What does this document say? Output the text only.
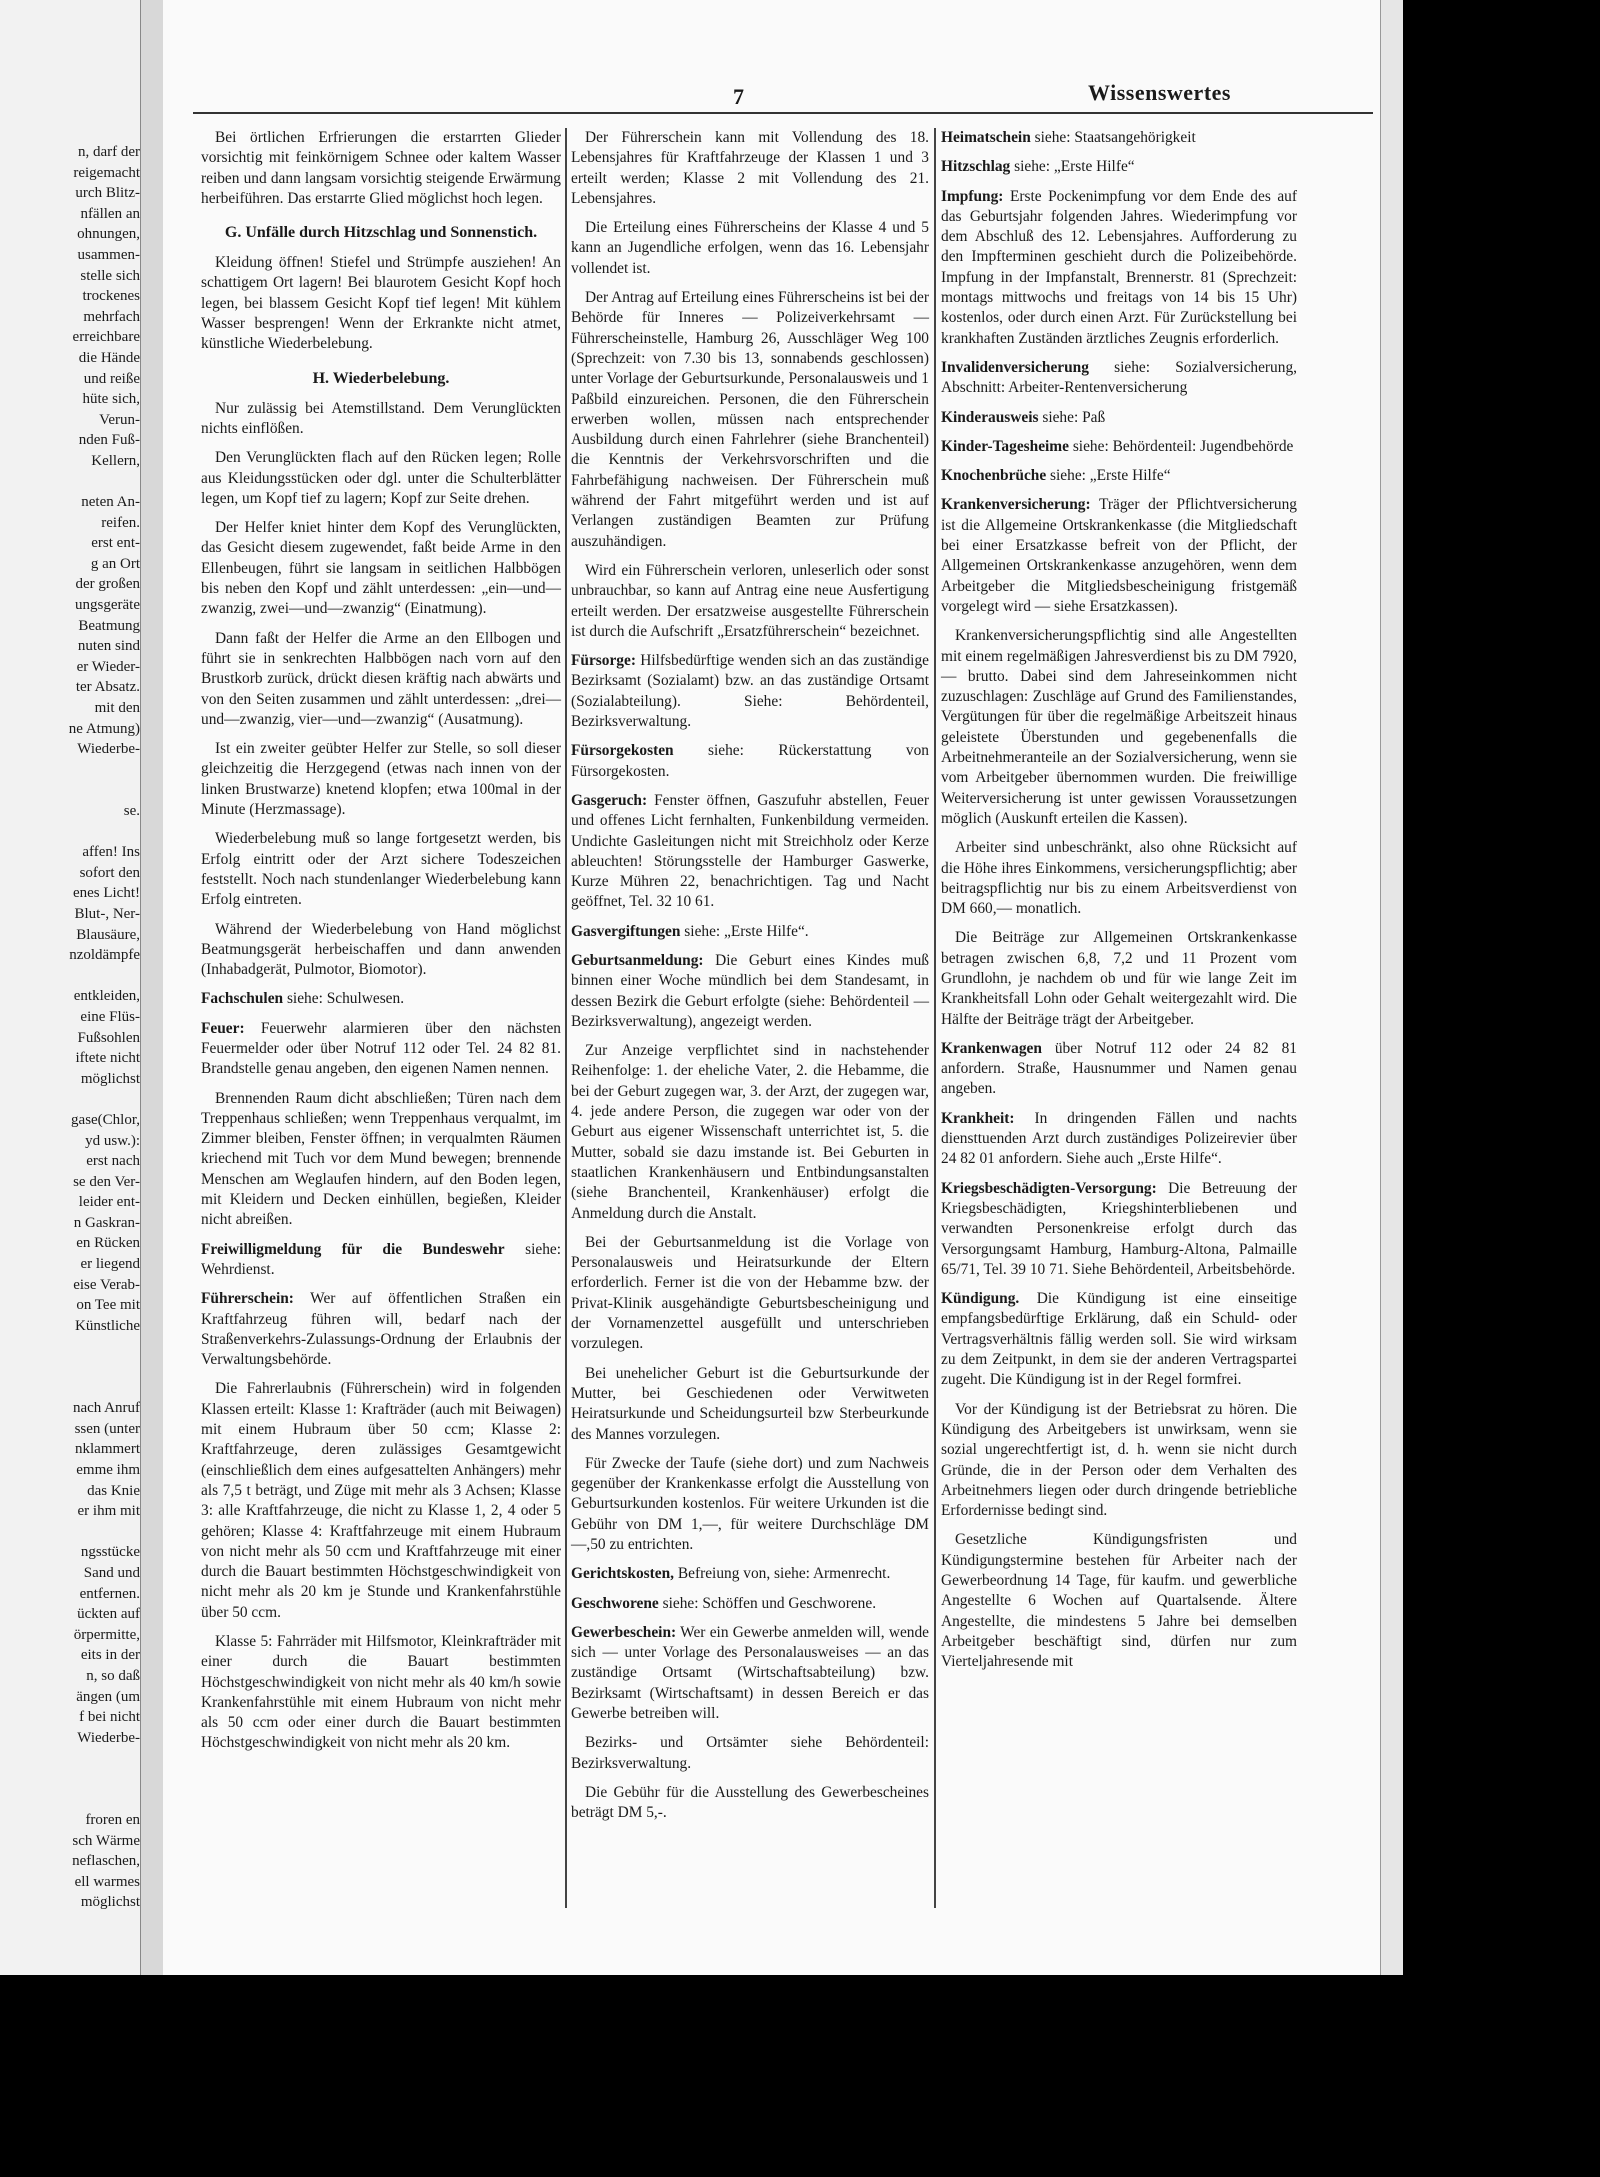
n, darf der
reigemacht
urch Blitz-
nfällen an
ohnungen,
usammen-
stelle sich
trockenes
mehrfach
erreichbare
die Hände
und reiße
hüte sich,
Verun-
nden Fuß-
Kellern,
neten An-
reifen.
erst ent-
g an Ort
der großen
ungsgeräte
Beatmung
nuten sind
er Wieder-
ter Absatz.
mit den
ne Atmung)
Wiederbe-
se.
affen! Ins
sofort den
enes Licht!
Blut-, Ner-
Blausäure,
nzoldämpfe
entkleiden,
eine Flüs-
Fußsohlen
iftete nicht
möglichst
gase(Chlor,
yd usw.):
erst nach
se den Ver-
leider ent-
n Gaskran-
en Rücken
er liegend
eise Verab-
on Tee mit
Künstliche
nach Anruf
ssen (unter
nklammert
emme ihm
das Knie
er ihm mit
ngsstücke
Sand und
entfernen.
ückten auf
örpermitte,
eits in der
n, so daß
ängen (um
f bei nicht
Wiederbe-
froren en
sch Wärme
neflaschen,
ell warmes
möglichst
7	Wissenswertes

Bei örtlichen Erfrierungen die erstarrten Glieder vorsichtig mit feinkörnigem Schnee oder kaltem Wasser reiben und dann langsam vorsichtig steigende Erwärmung herbeiführen. Das erstarrte Glied möglichst hoch legen.

G. Unfälle durch Hitzschlag und Sonnenstich.

Kleidung öffnen! Stiefel und Strümpfe ausziehen! An schattigem Ort lagern! Bei blaurotem Gesicht Kopf hoch legen, bei blassem Gesicht Kopf tief legen! Mit kühlem Wasser besprengen! Wenn der Erkrankte nicht atmet, künstliche Wiederbelebung.

H. Wiederbelebung.

Nur zulässig bei Atemstillstand. Dem Verunglückten nichts einflößen.

Den Verunglückten flach auf den Rücken legen; Rolle aus Kleidungsstücken oder dgl. unter die Schulterblätter legen, um Kopf tief zu lagern; Kopf zur Seite drehen.

Der Helfer kniet hinter dem Kopf des Verunglückten, das Gesicht diesem zugewendet, faßt beide Arme in den Ellenbeugen, führt sie langsam in seitlichen Halbbögen bis neben den Kopf und zählt unterdessen: „ein—und—zwanzig, zwei—und—zwanzig“ (Einatmung).

Dann faßt der Helfer die Arme an den Ellbogen und führt sie in senkrechten Halbbögen nach vorn auf den Brustkorb zurück, drückt diesen kräftig nach abwärts und von den Seiten zusammen und zählt unterdessen: „drei—und—zwanzig, vier—und—zwanzig“ (Ausatmung).

Ist ein zweiter geübter Helfer zur Stelle, so soll dieser gleichzeitig die Herzgegend (etwas nach innen von der linken Brustwarze) knetend klopfen; etwa 100mal in der Minute (Herzmassage).

Wiederbelebung muß so lange fortgesetzt werden, bis Erfolg eintritt oder der Arzt sichere Todeszeichen feststellt. Noch nach stundenlanger Wiederbelebung kann Erfolg eintreten.

Während der Wiederbelebung von Hand möglichst Beatmungsgerät herbeischaffen und dann anwenden (Inhabadgerät, Pulmotor, Biomotor).

Fachschulen siehe: Schulwesen.

Feuer: Feuerwehr alarmieren über den nächsten Feuermelder oder über Notruf 112 oder Tel. 24 82 81. Brandstelle genau angeben, den eigenen Namen nennen.

Brennenden Raum dicht abschließen; Türen nach dem Treppenhaus schließen; wenn Treppenhaus verqualmt, im Zimmer bleiben, Fenster öffnen; in verqualmten Räumen kriechend mit Tuch vor dem Mund bewegen; brennende Menschen am Weglaufen hindern, auf den Boden legen, mit Kleidern und Decken einhüllen, begießen, Kleider nicht abreißen.

Freiwilligmeldung für die Bundeswehr siehe: Wehrdienst.

Führerschein: Wer auf öffentlichen Straßen ein Kraftfahrzeug führen will, bedarf nach der Straßenverkehrs-Zulassungs-Ordnung der Erlaubnis der Verwaltungsbehörde.

Die Fahrerlaubnis (Führerschein) wird in folgenden Klassen erteilt: Klasse 1: Krafträder (auch mit Beiwagen) mit einem Hubraum über 50 ccm; Klasse 2: Kraftfahrzeuge, deren zulässiges Gesamtgewicht (einschließlich dem eines aufgesattelten Anhängers) mehr als 7,5 t beträgt, und Züge mit mehr als 3 Achsen; Klasse 3: alle Kraftfahrzeuge, die nicht zu Klasse 1, 2, 4 oder 5 gehören; Klasse 4: Kraftfahrzeuge mit einem Hubraum von nicht mehr als 50 ccm und Kraftfahrzeuge mit einer durch die Bauart bestimmten Höchstgeschwindigkeit von nicht mehr als 20 km je Stunde und Krankenfahrstühle über 50 ccm.

Klasse 5: Fahrräder mit Hilfsmotor, Kleinkrafträder mit einer durch die Bauart bestimmten Höchstgeschwindigkeit von nicht mehr als 40 km/h sowie Krankenfahrstühle mit einem Hubraum von nicht mehr als 50 ccm oder einer durch die Bauart bestimmten Höchstgeschwindigkeit von nicht mehr als 20 km.

Der Führerschein kann mit Vollendung des 18. Lebensjahres für Kraftfahrzeuge der Klassen 1 und 3 erteilt werden; Klasse 2 mit Vollendung des 21. Lebensjahres.

Die Erteilung eines Führerscheins der Klasse 4 und 5 kann an Jugendliche erfolgen, wenn das 16. Lebensjahr vollendet ist.

Der Antrag auf Erteilung eines Führerscheins ist bei der Behörde für Inneres — Polizeiverkehrsamt — Führerscheinstelle, Hamburg 26, Ausschläger Weg 100 (Sprechzeit: von 7.30 bis 13, sonnabends geschlossen) unter Vorlage der Geburtsurkunde, Personalausweis und 1 Paßbild einzureichen. Personen, die den Führerschein erwerben wollen, müssen nach entsprechender Ausbildung durch einen Fahrlehrer (siehe Branchenteil) die Kenntnis der Verkehrsvorschriften und die Fahrbefähigung nachweisen. Der Führerschein muß während der Fahrt mitgeführt werden und ist auf Verlangen zuständigen Beamten zur Prüfung auszuhändigen.

Wird ein Führerschein verloren, unleserlich oder sonst unbrauchbar, so kann auf Antrag eine neue Ausfertigung erteilt werden. Der ersatzweise ausgestellte Führerschein ist durch die Aufschrift „Ersatzführerschein“ bezeichnet.

Fürsorge: Hilfsbedürftige wenden sich an das zuständige Bezirksamt (Sozialamt) bzw. an das zuständige Ortsamt (Sozialabteilung). Siehe: Behördenteil, Bezirksverwaltung.

Fürsorgekosten siehe: Rückerstattung von Fürsorgekosten.

Gasgeruch: Fenster öffnen, Gaszufuhr abstellen, Feuer und offenes Licht fernhalten, Funkenbildung vermeiden. Undichte Gasleitungen nicht mit Streichholz oder Kerze ableuchten! Störungsstelle der Hamburger Gaswerke, Kurze Mühren 22, benachrichtigen. Tag und Nacht geöffnet, Tel. 32 10 61.

Gasvergiftungen siehe: „Erste Hilfe“.

Geburtsanmeldung: Die Geburt eines Kindes muß binnen einer Woche mündlich bei dem Standesamt, in dessen Bezirk die Geburt erfolgte (siehe: Behördenteil — Bezirksverwaltung), angezeigt werden.

Zur Anzeige verpflichtet sind in nachstehender Reihenfolge: 1. der eheliche Vater, 2. die Hebamme, die bei der Geburt zugegen war, 3. der Arzt, der zugegen war, 4. jede andere Person, die zugegen war oder von der Geburt aus eigener Wissenschaft unterrichtet ist, 5. die Mutter, sobald sie dazu imstande ist. Bei Geburten in staatlichen Krankenhäusern und Entbindungsanstalten (siehe Branchenteil, Krankenhäuser) erfolgt die Anmeldung durch die Anstalt.

Bei der Geburtsanmeldung ist die Vorlage von Personalausweis und Heiratsurkunde der Eltern erforderlich. Ferner ist die von der Hebamme bzw. der Privat-Klinik ausgehändigte Geburtsbescheinigung und der Vornamenzettel ausgefüllt und unterschrieben vorzulegen.

Bei unehelicher Geburt ist die Geburtsurkunde der Mutter, bei Geschiedenen oder Verwitweten Heiratsurkunde und Scheidungsurteil bzw Sterbeurkunde des Mannes vorzulegen.

Für Zwecke der Taufe (siehe dort) und zum Nachweis gegenüber der Krankenkasse erfolgt die Ausstellung von Geburtsurkunden kostenlos. Für weitere Urkunden ist die Gebühr von DM 1,—, für weitere Durchschläge DM —,50 zu entrichten.

Gerichtskosten, Befreiung von, siehe: Armenrecht.

Geschworene siehe: Schöffen und Geschworene.

Gewerbeschein: Wer ein Gewerbe anmelden will, wende sich — unter Vorlage des Personalausweises — an das zuständige Ortsamt (Wirtschaftsabteilung) bzw. Bezirksamt (Wirtschaftsamt) in dessen Bereich er das Gewerbe betreiben will.

Bezirks- und Ortsämter siehe Behördenteil: Bezirksverwaltung.

Die Gebühr für die Ausstellung des Gewerbescheines beträgt DM 5,-.

Heimatschein siehe: Staatsangehörigkeit

Hitzschlag siehe: „Erste Hilfe“

Impfung: Erste Pockenimpfung vor dem Ende des auf das Geburtsjahr folgenden Jahres. Wiederimpfung vor dem Abschluß des 12. Lebensjahres. Aufforderung zu den Impfterminen geschieht durch die Polizeibehörde. Impfung in der Impfanstalt, Brennerstr. 81 (Sprechzeit: montags mittwochs und freitags von 14 bis 15 Uhr) kostenlos, oder durch einen Arzt. Für Zurückstellung bei krankhaften Zuständen ärztliches Zeugnis erforderlich.

Invalidenversicherung siehe: Sozialversicherung, Abschnitt: Arbeiter-Rentenversicherung

Kinderausweis siehe: Paß

Kinder-Tagesheime siehe: Behördenteil: Jugendbehörde

Knochenbrüche siehe: „Erste Hilfe“

Krankenversicherung: Träger der Pflichtversicherung ist die Allgemeine Ortskrankenkasse (die Mitgliedschaft bei einer Ersatzkasse befreit von der Pflicht, der Allgemeinen Ortskrankenkasse anzugehören, wenn dem Arbeitgeber die Mitgliedsbescheinigung fristgemäß vorgelegt wird — siehe Ersatzkassen).

Krankenversicherungspflichtig sind alle Angestellten mit einem regelmäßigen Jahresverdienst bis zu DM 7920,— brutto. Dabei sind dem Jahreseinkommen nicht zuzuschlagen: Zuschläge auf Grund des Familienstandes, Vergütungen für über die regelmäßige Arbeitszeit hinaus geleistete Überstunden und gegebenenfalls die Arbeitnehmeranteile an der Sozialversicherung, wenn sie vom Arbeitgeber übernommen wurden. Die freiwillige Weiterversicherung ist unter gewissen Voraussetzungen möglich (Auskunft erteilen die Kassen).

Arbeiter sind unbeschränkt, also ohne Rücksicht auf die Höhe ihres Einkommens, versicherungspflichtig; aber beitragspflichtig nur bis zu einem Arbeitsverdienst von DM 660,— monatlich.

Die Beiträge zur Allgemeinen Ortskrankenkasse betragen zwischen 6,8, 7,2 und 11 Prozent vom Grundlohn, je nachdem ob und für wie lange Zeit im Krankheitsfall Lohn oder Gehalt weitergezahlt wird. Die Hälfte der Beiträge trägt der Arbeitgeber.

Krankenwagen über Notruf 112 oder 24 82 81 anfordern. Straße, Hausnummer und Namen genau angeben.

Krankheit: In dringenden Fällen und nachts diensttuenden Arzt durch zuständiges Polizeirevier über 24 82 01 anfordern. Siehe auch „Erste Hilfe“.

Kriegsbeschädigten-Versorgung: Die Betreuung der Kriegsbeschädigten, Kriegshinterbliebenen und verwandten Personenkreise erfolgt durch das Versorgungsamt Hamburg, Hamburg-Altona, Palmaille 65/71, Tel. 39 10 71. Siehe Behördenteil, Arbeitsbehörde.

Kündigung. Die Kündigung ist eine einseitige empfangsbedürftige Erklärung, daß ein Schuld- oder Vertragsverhältnis fällig werden soll. Sie wird wirksam zu dem Zeitpunkt, in dem sie der anderen Vertragspartei zugeht. Die Kündigung ist in der Regel formfrei.

Vor der Kündigung ist der Betriebsrat zu hören. Die Kündigung des Arbeitgebers ist unwirksam, wenn sie sozial ungerechtfertigt ist, d. h. wenn sie nicht durch Gründe, die in der Person oder dem Verhalten des Arbeitnehmers liegen oder durch dringende betriebliche Erfordernisse bedingt sind.

Gesetzliche Kündigungsfristen und Kündigungstermine bestehen für Arbeiter nach der Gewerbeordnung 14 Tage, für kaufm. und gewerbliche Angestellte 6 Wochen auf Quartalsende. Ältere Angestellte, die mindestens 5 Jahre bei demselben Arbeitgeber beschäftigt sind, dürfen nur zum Vierteljahresende mit
